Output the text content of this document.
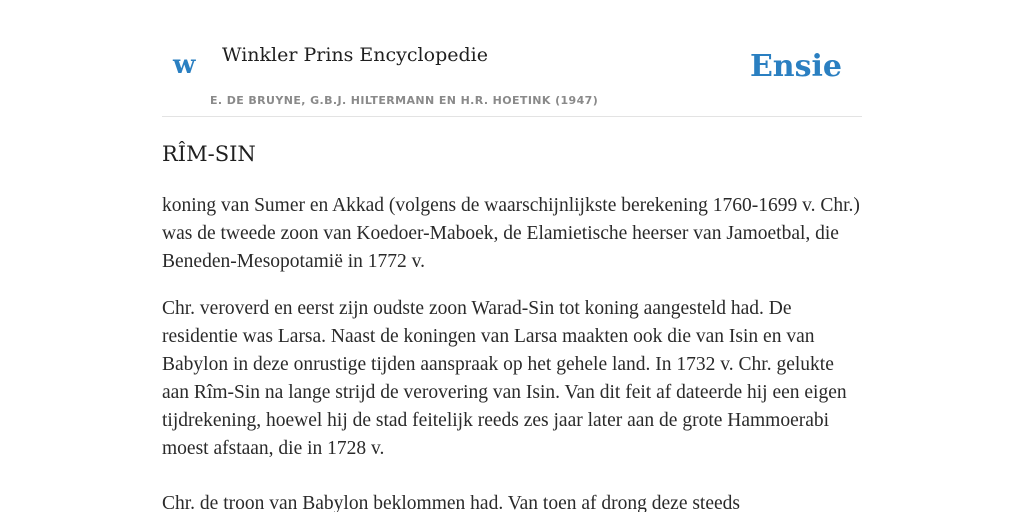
w Winkler Prins Encyclopedie
E. DE BRUYNE, G.B.J. HILTERMANN EN H.R. HOETINK (1947)
Ensie
RÎM-SIN

koning van Sumer en Akkad (volgens de waarschijnlijkste berekening 1760-1699 v. Chr.) was de tweede zoon van Koedoer-Maboek, de Elamietische heerser van Jamoetbal, die Beneden-Mesopotamië in 1772 v.

Chr. veroverd en eerst zijn oudste zoon Warad-Sin tot koning aangesteld had. De residentie was Larsa. Naast de koningen van Larsa maakten ook die van Isin en van Babylon in deze onrustige tijden aanspraak op het gehele land. In 1732 v. Chr. gelukte aan Rîm-Sin na lange strijd de verovering van Isin. Van dit feit af dateerde hij een eigen tijdrekening, hoewel hij de stad feitelijk reeds zes jaar later aan de grote Hammoerabi moest afstaan, die in 1728 v.

Chr. de troon van Babylon beklommen had. Van toen af drong deze steeds
